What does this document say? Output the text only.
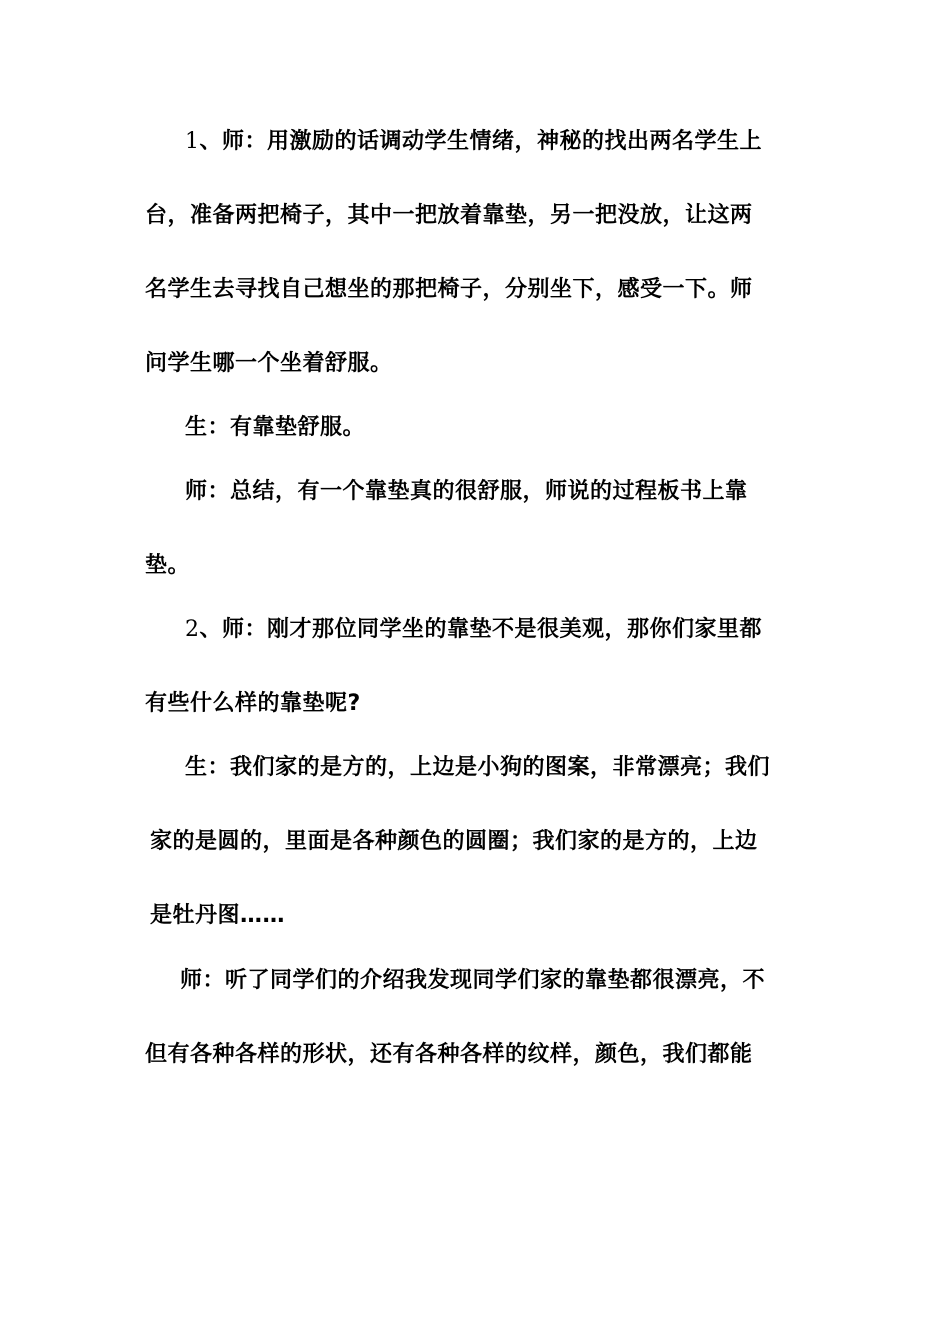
1、师：用激励的话调动学生情绪，神秘的找出两名学生上
台，准备两把椅子，其中一把放着靠垫，另一把没放，让这两
名学生去寻找自己想坐的那把椅子，分别坐下，感受一下。师
问学生哪一个坐着舒服。
生：有靠垫舒服。
师：总结，有一个靠垫真的很舒服，师说的过程板书上靠
垫。
2、师：刚才那位同学坐的靠垫不是很美观，那你们家里都
有些什么样的靠垫呢?
生：我们家的是方的，上边是小狗的图案，非常漂亮；我们
家的是圆的，里面是各种颜色的圆圈；我们家的是方的，上边
是牡丹图……
师：听了同学们的介绍我发现同学们家的靠垫都很漂亮，不
但有各种各样的形状，还有各种各样的纹样，颜色，我们都能
